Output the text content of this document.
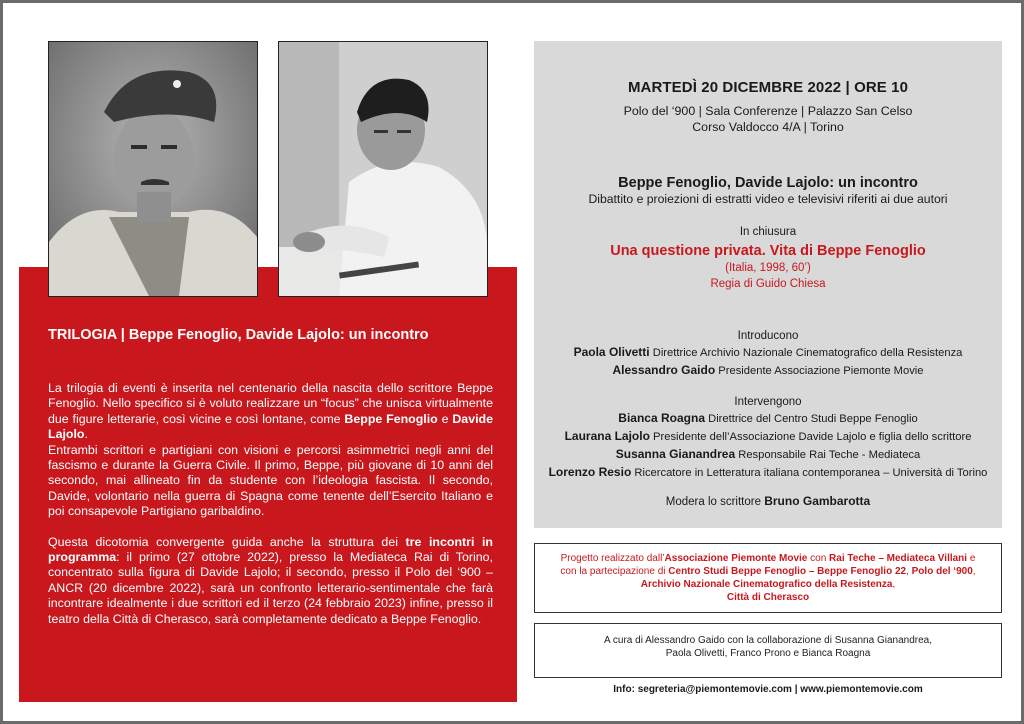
TRILOGIA | Beppe Fenoglio, Davide Lajolo: un incontro

La trilogia di eventi è inserita nel centenario della nascita dello scrittore Beppe Fenoglio. Nello specifico si è voluto realizzare un “focus” che unisca virtualmente due figure letterarie, così vicine e così lontane, come Beppe Fenoglio e Davide Lajolo.
Entrambi scrittori e partigiani con visioni e percorsi asimmetrici negli anni del fascismo e durante la Guerra Civile. Il primo, Beppe, più giovane di 10 anni del secondo, mai allineato fin da studente con l’ideologia fascista. Il secondo, Davide, volontario nella guerra di Spagna come tenente dell’Esercito Italiano e poi consapevole Partigiano garibaldino.

Questa dicotomia convergente guida anche la struttura dei tre incontri in programma: il primo (27 ottobre 2022), presso la Mediateca Rai di Torino, concentrato sulla figura di Davide Lajolo; il secondo, presso il Polo del ‘900 – ANCR (20 dicembre 2022), sarà un confronto letterario-sentimentale che farà incontrare idealmente i due scrittori ed il terzo (24 febbraio 2023) infine, presso il teatro della Città di Cherasco, sarà completamente dedicato a Beppe Fenoglio.

MARTEDÌ 20 DICEMBRE 2022 | ORE 10
Polo del ‘900 | Sala Conferenze | Palazzo San Celso
Corso Valdocco 4/A | Torino
Beppe Fenoglio, Davide Lajolo: un incontro
Dibattito e proiezioni di estratti video e televisivi riferiti ai due autori
In chiusura
Una questione privata. Vita di Beppe Fenoglio
(Italia, 1998, 60’)
Regia di Guido Chiesa
Introducono
Paola Olivetti Direttrice Archivio Nazionale Cinematografico della Resistenza
Alessandro Gaido Presidente Associazione Piemonte Movie
Intervengono
Bianca Roagna Direttrice del Centro Studi Beppe Fenoglio
Laurana Lajolo Presidente dell’Associazione Davide Lajolo e figlia dello scrittore
Susanna Gianandrea Responsabile Rai Teche - Mediateca
Lorenzo Resio Ricercatore in Letteratura italiana contemporanea – Università di Torino
Modera lo scrittore Bruno Gambarotta
Progetto realizzato dall’Associazione Piemonte Movie con Rai Teche – Mediateca Villani e
con la partecipazione di Centro Studi Beppe Fenoglio – Beppe Fenoglio 22, Polo del ‘900,
Archivio Nazionale Cinematografico della Resistenza,
Città di Cherasco
A cura di Alessandro Gaido con la collaborazione di Susanna Gianandrea,
Paola Olivetti, Franco Prono e Bianca Roagna
Info: segreteria@piemontemovie.com | www.piemontemovie.com
